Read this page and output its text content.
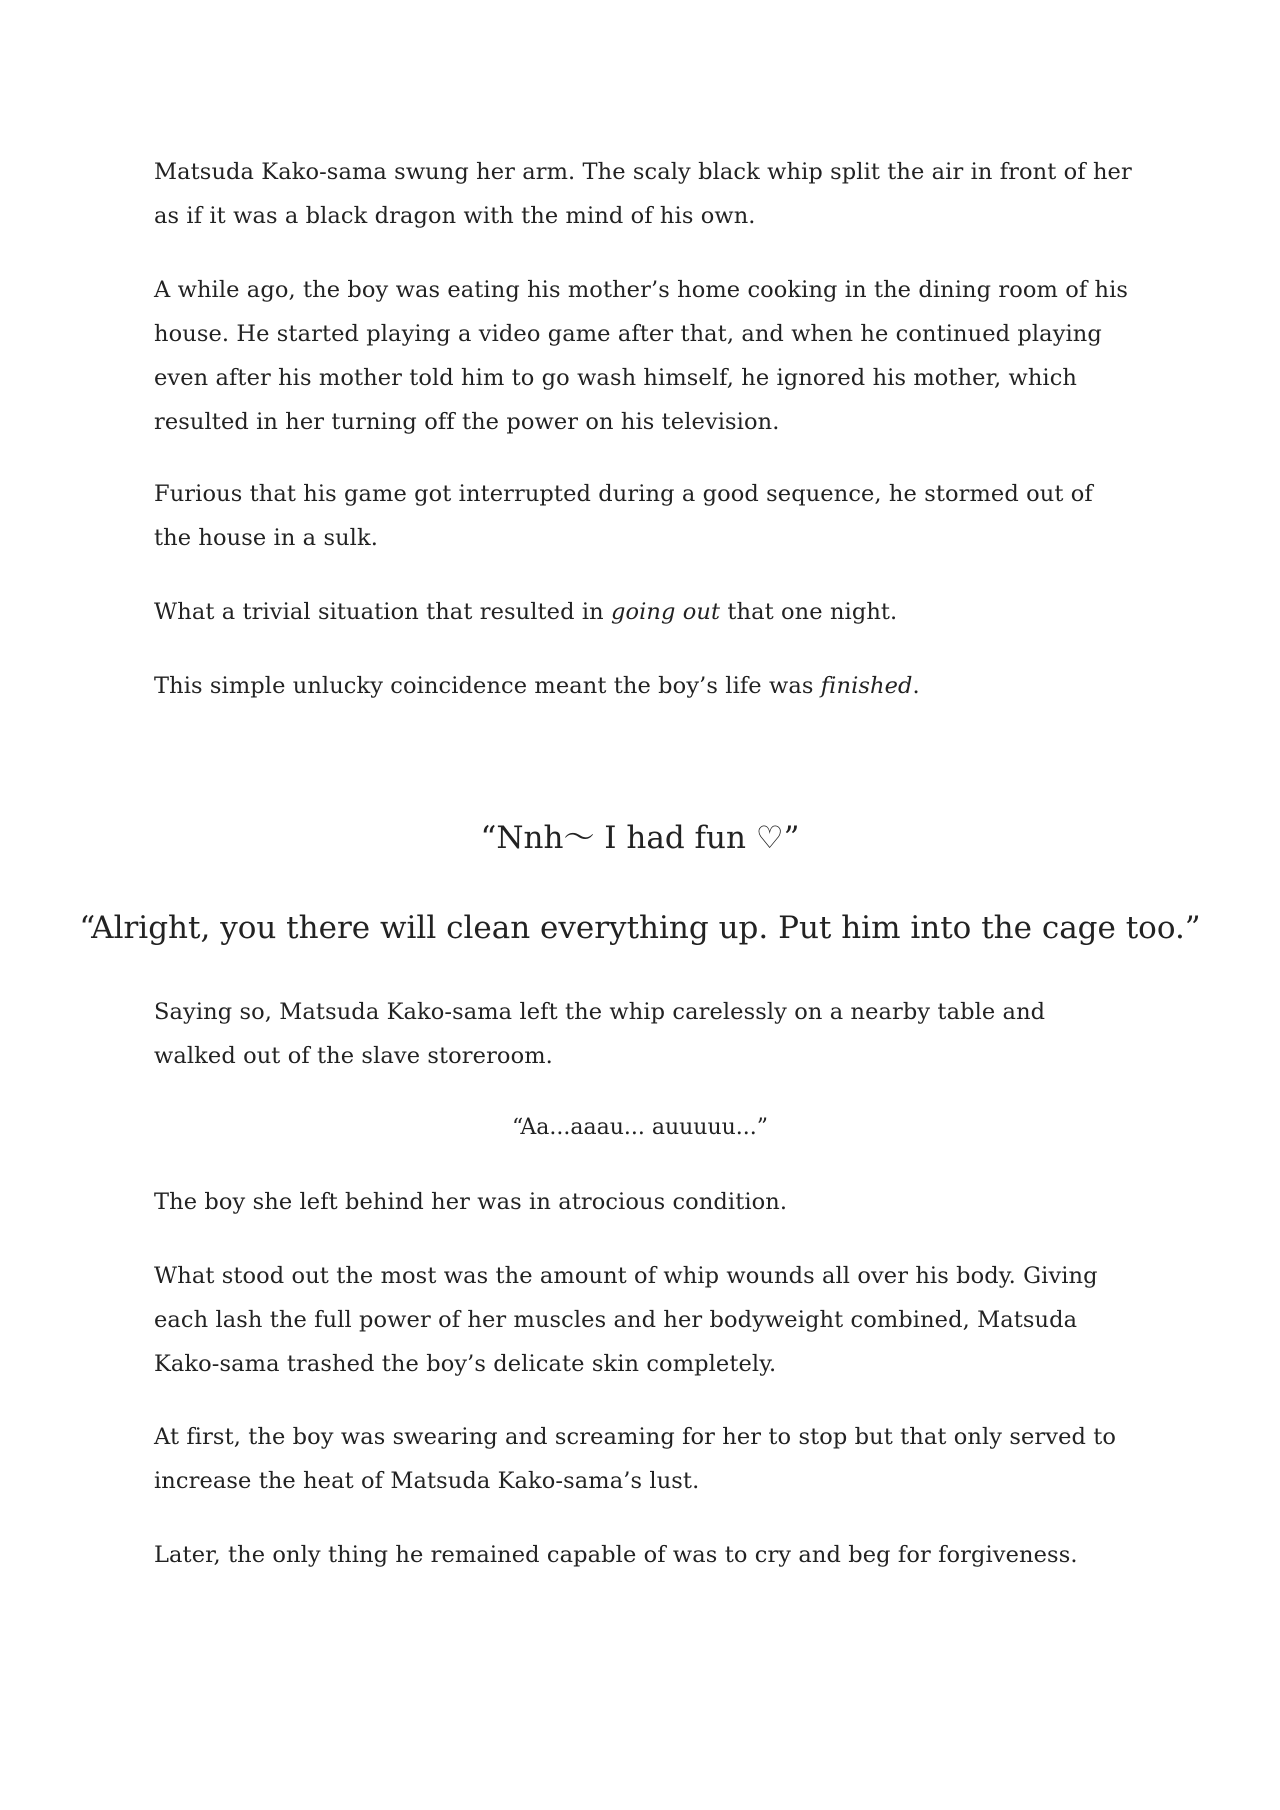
Matsuda Kako-sama swung her arm. The scaly black whip split the air in front of her as if it was a black dragon with the mind of his own.

A while ago, the boy was eating his mother’s home cooking in the dining room of his house. He started playing a video game after that, and when he continued playing even after his mother told him to go wash himself, he ignored his mother, which resulted in her turning off the power on his television.

Furious that his game got interrupted during a good sequence, he stormed out of the house in a sulk.

What a trivial situation that resulted in going out that one night.

This simple unlucky coincidence meant the boy’s life was finished.

“Nnh〜 I had fun ♡”

“Alright, you there will clean everything up. Put him into the cage too.”

Saying so, Matsuda Kako-sama left the whip carelessly on a nearby table and walked out of the slave storeroom.

“Aa...aaau... auuuuu...”

The boy she left behind her was in atrocious condition.

What stood out the most was the amount of whip wounds all over his body. Giving each lash the full power of her muscles and her bodyweight combined, Matsuda Kako-sama trashed the boy’s delicate skin completely.

At first, the boy was swearing and screaming for her to stop but that only served to increase the heat of Matsuda Kako-sama’s lust.

Later, the only thing he remained capable of was to cry and beg for forgiveness.
